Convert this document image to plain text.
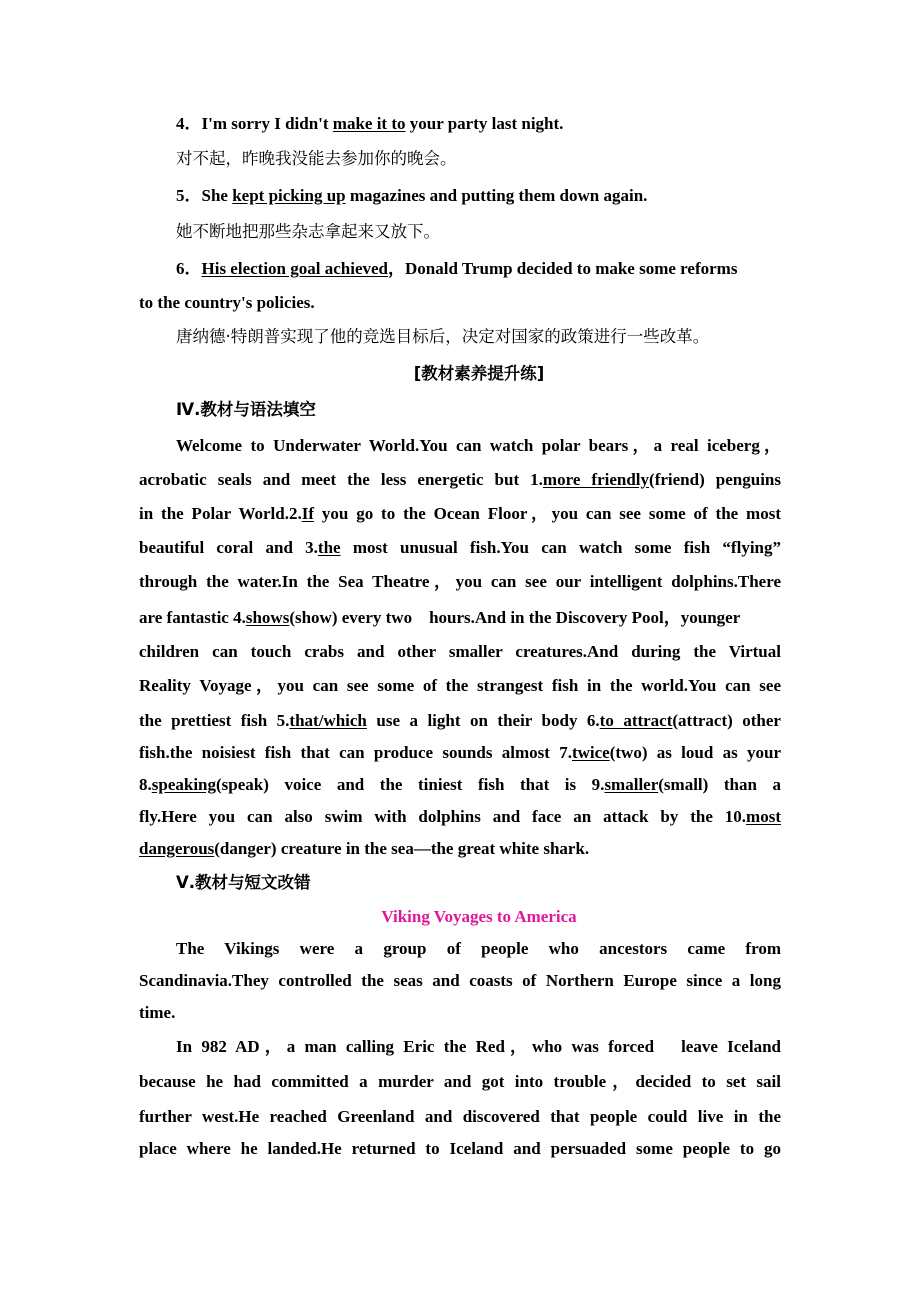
4．I'm sorry I didn't make it to your party last night.
对不起，昨晚我没能去参加你的晚会。
5．She kept picking up magazines and putting them down again.
她不断地把那些杂志拿起来又放下。
6．His election goal achieved，Donald Trump decided to make some reforms
to the country's policies.
唐纳德·特朗普实现了他的竞选目标后，决定对国家的政策进行一些改革。
[教材素养提升练]
Ⅳ.教材与语法填空
Welcome to Underwater World.You can watch polar bears，a real iceberg，
acrobatic seals and meet the less energetic but 1.more friendly(friend) penguins
in the Polar World.2.If you go to the Ocean Floor，you can see some of the most
beautiful coral and 3.the most unusual fish.You can watch some fish “flying”
through the water.In the Sea Theatre，you can see our intelligent dolphins.There
are fantastic 4.shows(show) every two　hours.And in the Discovery Pool，younger
children can touch crabs and other smaller creatures.And during the Virtual
Reality Voyage，you can see some of the strangest fish in the world.You can see
the prettiest fish 5.that/which use a light on their body 6.to attract(attract) other
fish.the noisiest fish that can produce sounds almost 7.twice(two) as loud as your
8.speaking(speak) voice and the tiniest fish that is 9.smaller(small) than a
fly.Here you can also swim with dolphins and face an attack by the 10.most
dangerous(danger) creature in the sea—the great white shark.
Ⅴ.教材与短文改错
Viking Voyages to America
The Vikings were a group of people who ancestors came from
Scandinavia.They controlled the seas and coasts of Northern Europe since a long
time.
In 982 AD，a man calling Eric the Red，who was forced　leave Iceland
because he had committed a murder and got into trouble，decided to set sail
further west.He reached Greenland and discovered that people could live in the
place where he landed.He returned to Iceland and persuaded some people to go
